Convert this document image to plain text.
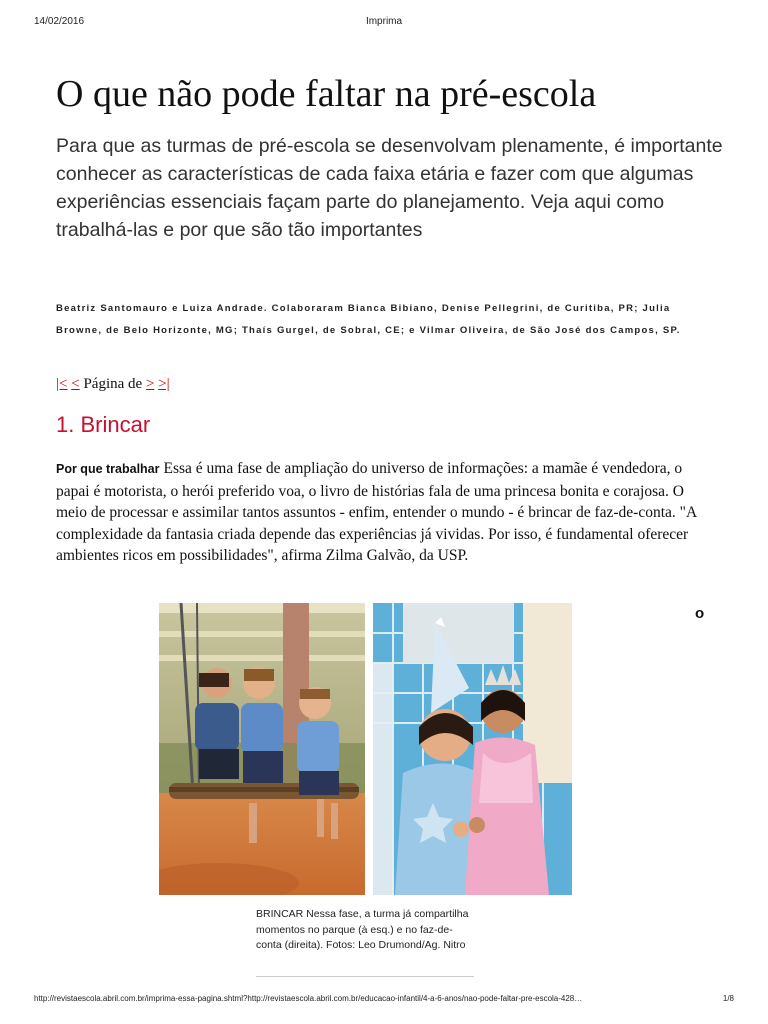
14/02/2016	Imprima
O que não pode faltar na pré-escola

Para que as turmas de pré-escola se desenvolvam plenamente, é importante conhecer as características de cada faixa etária e fazer com que algumas experiências essenciais façam parte do planejamento. Veja aqui como trabalhá-las e por que são tão importantes

Beatriz Santomauro e Luiza Andrade. Colaboraram Bianca Bibiano, Denise Pellegrini, de Curitiba, PR; Julia Browne, de Belo Horizonte, MG; Thaís Gurgel, de Sobral, CE; e Vilmar Oliveira, de São José dos Campos, SP.

|< < Página de > >|
1. Brincar

Por que trabalhar Essa é uma fase de ampliação do universo de informações: a mamãe é vendedora, o papai é motorista, o herói preferido voa, o livro de histórias fala de uma princesa bonita e corajosa. O meio de processar e assimilar tantos assuntos - enfim, entender o mundo - é brincar de faz-de-conta. "A complexidade da fantasia criada depende das experiências já vividas. Por isso, é fundamental oferecer ambientes ricos em possibilidades", afirma Zilma Galvão, da USP.

o

BRINCAR Nessa fase, a turma já compartilha momentos no parque (à esq.) e no faz-de-conta (direita). Fotos: Leo Drumond/Ag. Nitro

http://revistaescola.abril.com.br/imprima-essa-pagina.shtml?http://revistaescola.abril.com.br/educacao-infantil/4-a-6-anos/nao-pode-faltar-pre-escola-428…	1/8
